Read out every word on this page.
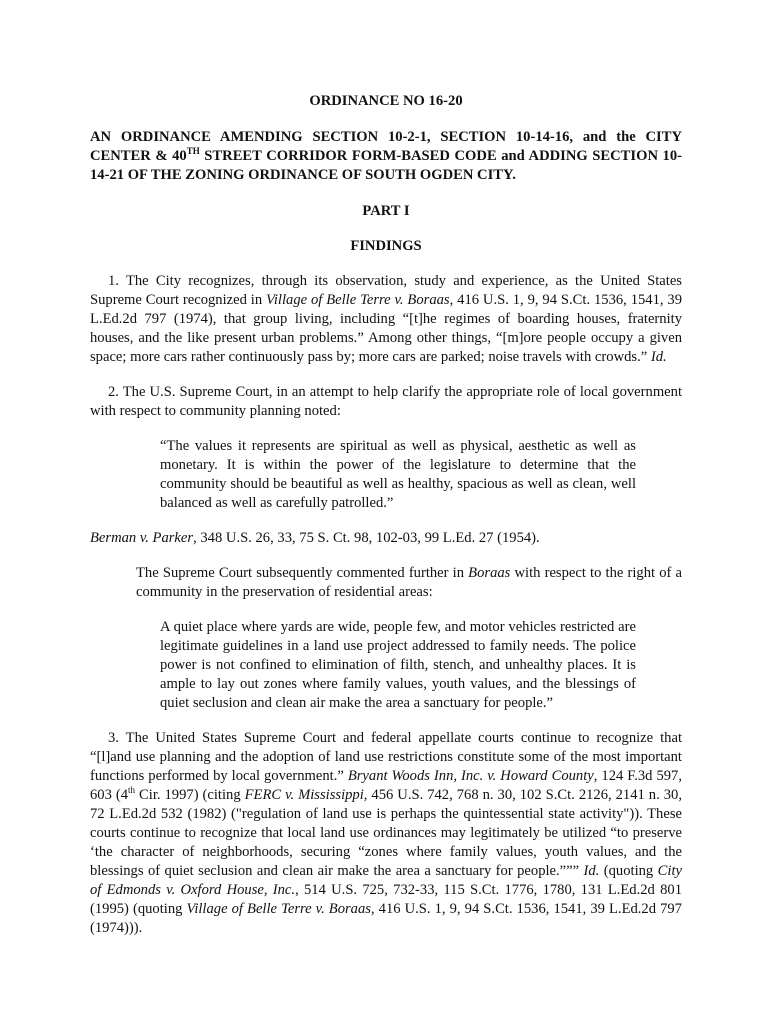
ORDINANCE NO 16-20
AN ORDINANCE AMENDING SECTION 10-2-1, SECTION 10-14-16, and the CITY CENTER & 40TH STREET CORRIDOR FORM-BASED CODE and ADDING SECTION 10-14-21 OF THE ZONING ORDINANCE OF SOUTH OGDEN CITY.
PART I
FINDINGS

1. The City recognizes, through its observation, study and experience, as the United States Supreme Court recognized in Village of Belle Terre v. Boraas, 416 U.S. 1, 9, 94 S.Ct. 1536, 1541, 39 L.Ed.2d 797 (1974), that group living, including “[t]he regimes of boarding houses, fraternity houses, and the like present urban problems.” Among other things, “[m]ore people occupy a given space; more cars rather continuously pass by; more cars are parked; noise travels with crowds.” Id.

2. The U.S. Supreme Court, in an attempt to help clarify the appropriate role of local government with respect to community planning noted:

“The values it represents are spiritual as well as physical, aesthetic as well as monetary. It is within the power of the legislature to determine that the community should be beautiful as well as healthy, spacious as well as clean, well balanced as well as carefully patrolled.”
Berman v. Parker, 348 U.S. 26, 33, 75 S. Ct. 98, 102-03, 99 L.Ed. 27 (1954).
The Supreme Court subsequently commented further in Boraas with respect to the right of a community in the preservation of residential areas:
A quiet place where yards are wide, people few, and motor vehicles restricted are legitimate guidelines in a land use project addressed to family needs. The police power is not confined to elimination of filth, stench, and unhealthy places. It is ample to lay out zones where family values, youth values, and the blessings of quiet seclusion and clean air make the area a sanctuary for people.”

3. The United States Supreme Court and federal appellate courts continue to recognize that “[l]and use planning and the adoption of land use restrictions constitute some of the most important functions performed by local government.” Bryant Woods Inn, Inc. v. Howard County, 124 F.3d 597, 603 (4th Cir. 1997) (citing FERC v. Mississippi, 456 U.S. 742, 768 n. 30, 102 S.Ct. 2126, 2141 n. 30, 72 L.Ed.2d 532 (1982) ("regulation of land use is perhaps the quintessential state activity")). These courts continue to recognize that local land use ordinances may legitimately be utilized “to preserve ‘the character of neighborhoods, securing “zones where family values, youth values, and the blessings of quiet seclusion and clean air make the area a sanctuary for people.””” Id. (quoting City of Edmonds v. Oxford House, Inc., 514 U.S. 725, 732-33, 115 S.Ct. 1776, 1780, 131 L.Ed.2d 801 (1995) (quoting Village of Belle Terre v. Boraas, 416 U.S. 1, 9, 94 S.Ct. 1536, 1541, 39 L.Ed.2d 797 (1974))).
